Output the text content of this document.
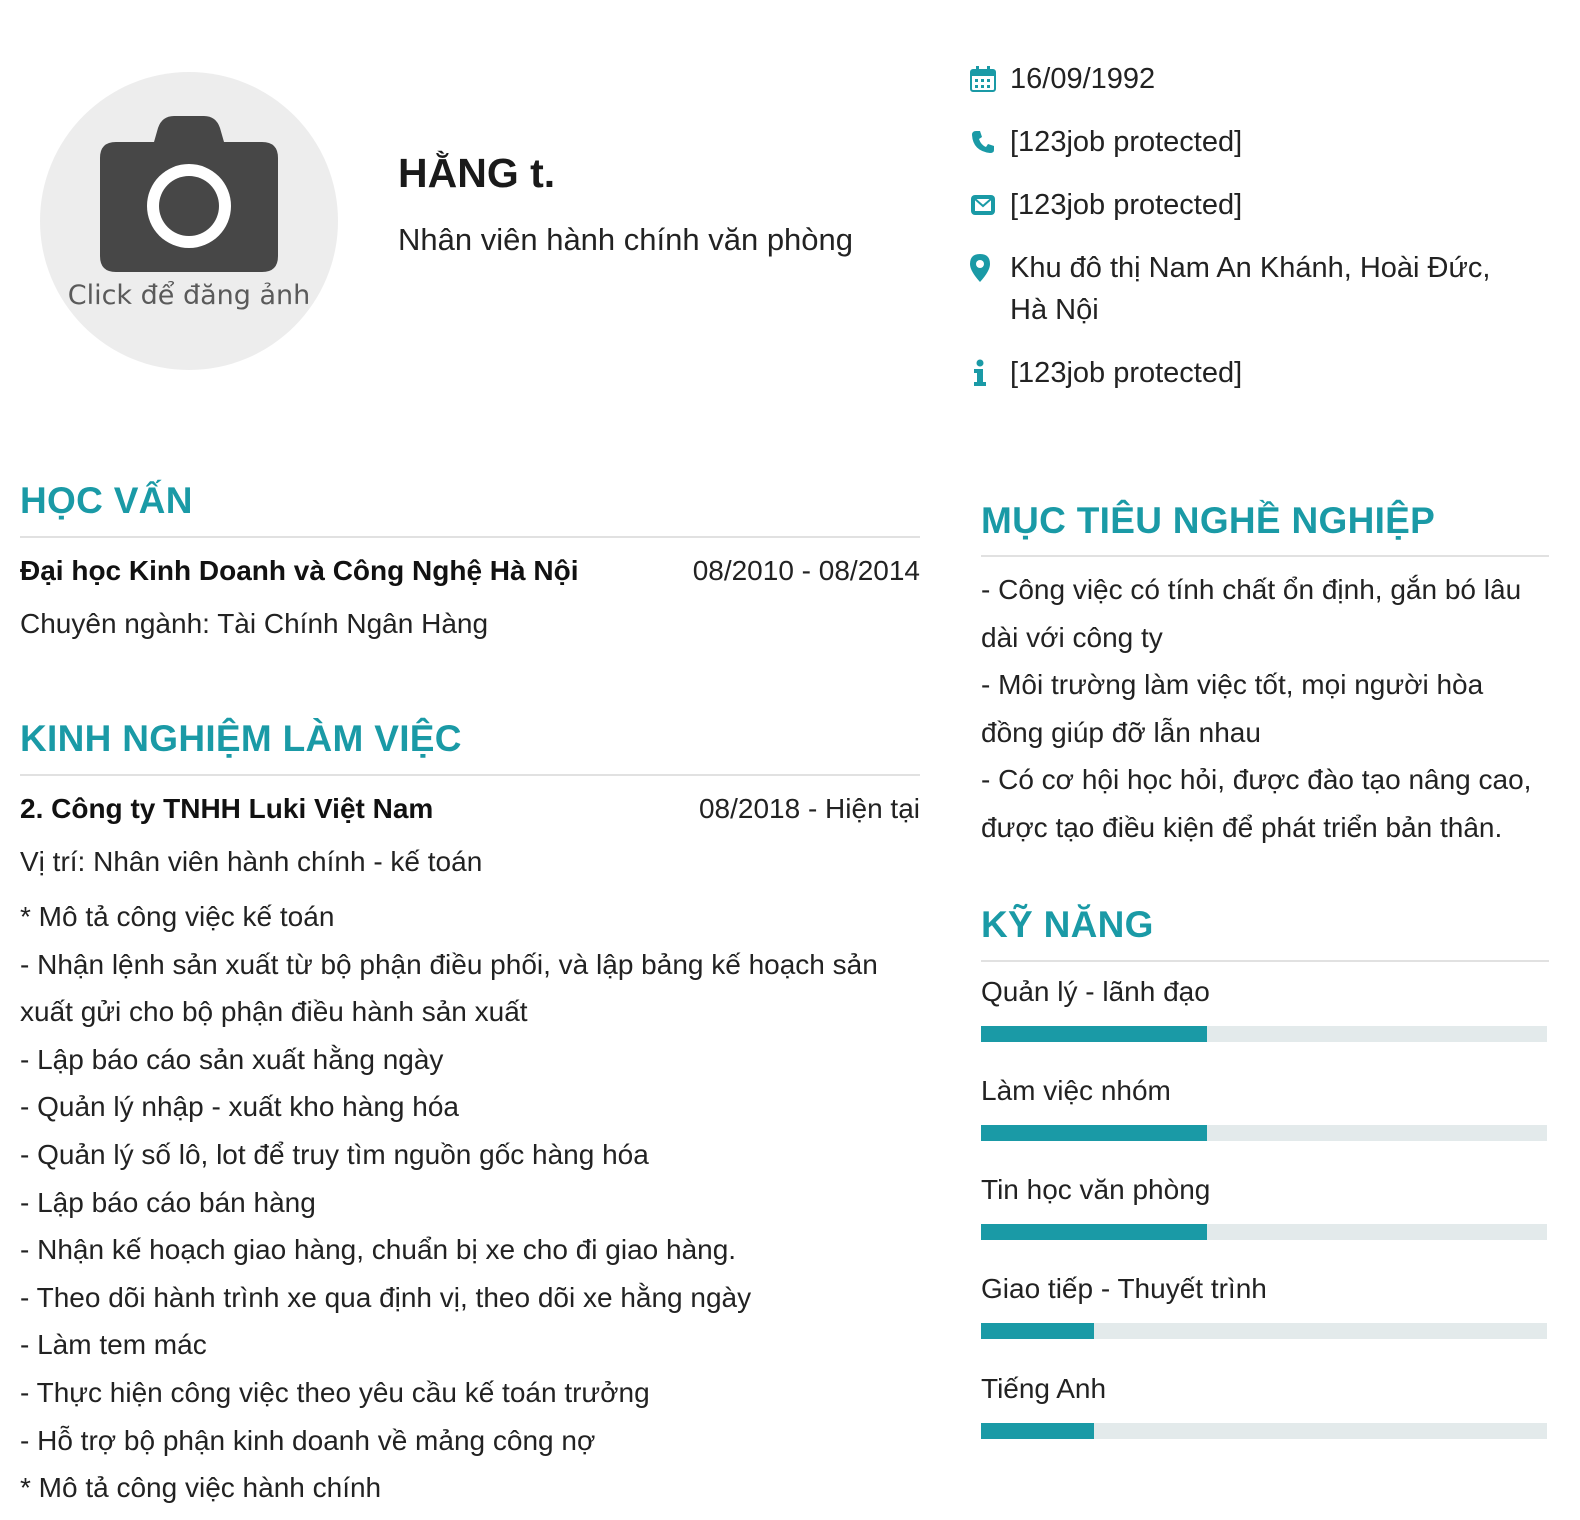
Click để đăng ảnh
HẰNG t.
Nhân viên hành chính văn phòng
16/09/1992
[123job protected]
[123job protected]
Khu đô thị Nam An Khánh, Hoài Đức, Hà Nội
[123job protected]
HỌC VẤN
Đại học Kinh Doanh và Công Nghệ Hà Nội	08/2010 - 08/2014
Chuyên ngành: Tài Chính Ngân Hàng
KINH NGHIỆM LÀM VIỆC
2. Công ty TNHH Luki Việt Nam	08/2018 - Hiện tại
Vị trí: Nhân viên hành chính - kế toán
* Mô tả công việc kế toán
- Nhận lệnh sản xuất từ bộ phận điều phối, và lập bảng kế hoạch sản xuất gửi cho bộ phận điều hành sản xuất
- Lập báo cáo sản xuất hằng ngày
- Quản lý nhập - xuất kho hàng hóa
- Quản lý số lô, lot để truy tìm nguồn gốc hàng hóa
- Lập báo cáo bán hàng
- Nhận kế hoạch giao hàng, chuẩn bị xe cho đi giao hàng.
- Theo dõi hành trình xe qua định vị, theo dõi xe hằng ngày
- Làm tem mác
- Thực hiện công việc theo yêu cầu kế toán trưởng
- Hỗ trợ bộ phận kinh doanh về mảng công nợ
* Mô tả công việc hành chính
MỤC TIÊU NGHỀ NGHIỆP
- Công việc có tính chất ổn định, gắn bó lâu dài với công ty
- Môi trường làm việc tốt, mọi người hòa đồng giúp đỡ lẫn nhau
- Có cơ hội học hỏi, được đào tạo nâng cao, được tạo điều kiện để phát triển bản thân.
KỸ NĂNG
Quản lý - lãnh đạo
Làm việc nhóm
Tin học văn phòng
Giao tiếp - Thuyết trình
Tiếng Anh
